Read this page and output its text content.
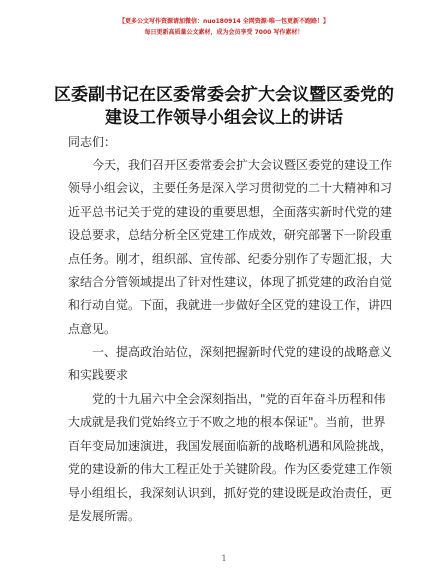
【更多公文写作资源请加微信：nuo180914 全网资源·唯一包更新不跑路！】
每日更新高质量公文素材，成为会员享受 7000 写作素材！
区委副书记在区委常委会扩大会议暨区委党的
建设工作领导小组会议上的讲话
同志们：
今天，我们召开区委常委会扩大会议暨区委党的建设工作
领导小组会议，主要任务是深入学习贯彻党的二十大精神和习
近平总书记关于党的建设的重要思想，全面落实新时代党的建
设总要求，总结分析全区党建工作成效，研究部署下一阶段重
点任务。刚才，组织部、宣传部、纪委分别作了专题汇报，大
家结合分管领域提出了针对性建议，体现了抓党建的政治自觉
和行动自觉。下面，我就进一步做好全区党的建设工作，讲四
点意见。
一、提高政治站位，深刻把握新时代党的建设的战略意义
和实践要求
党的十九届六中全会深刻指出，"党的百年奋斗历程和伟
大成就是我们党始终立于不败之地的根本保证"。当前，世界
百年变局加速演进，我国发展面临新的战略机遇和风险挑战，
党的建设新的伟大工程正处于关键阶段。作为区委党建工作领
导小组组长，我深刻认识到，抓好党的建设既是政治责任，更
是发展所需。
1
